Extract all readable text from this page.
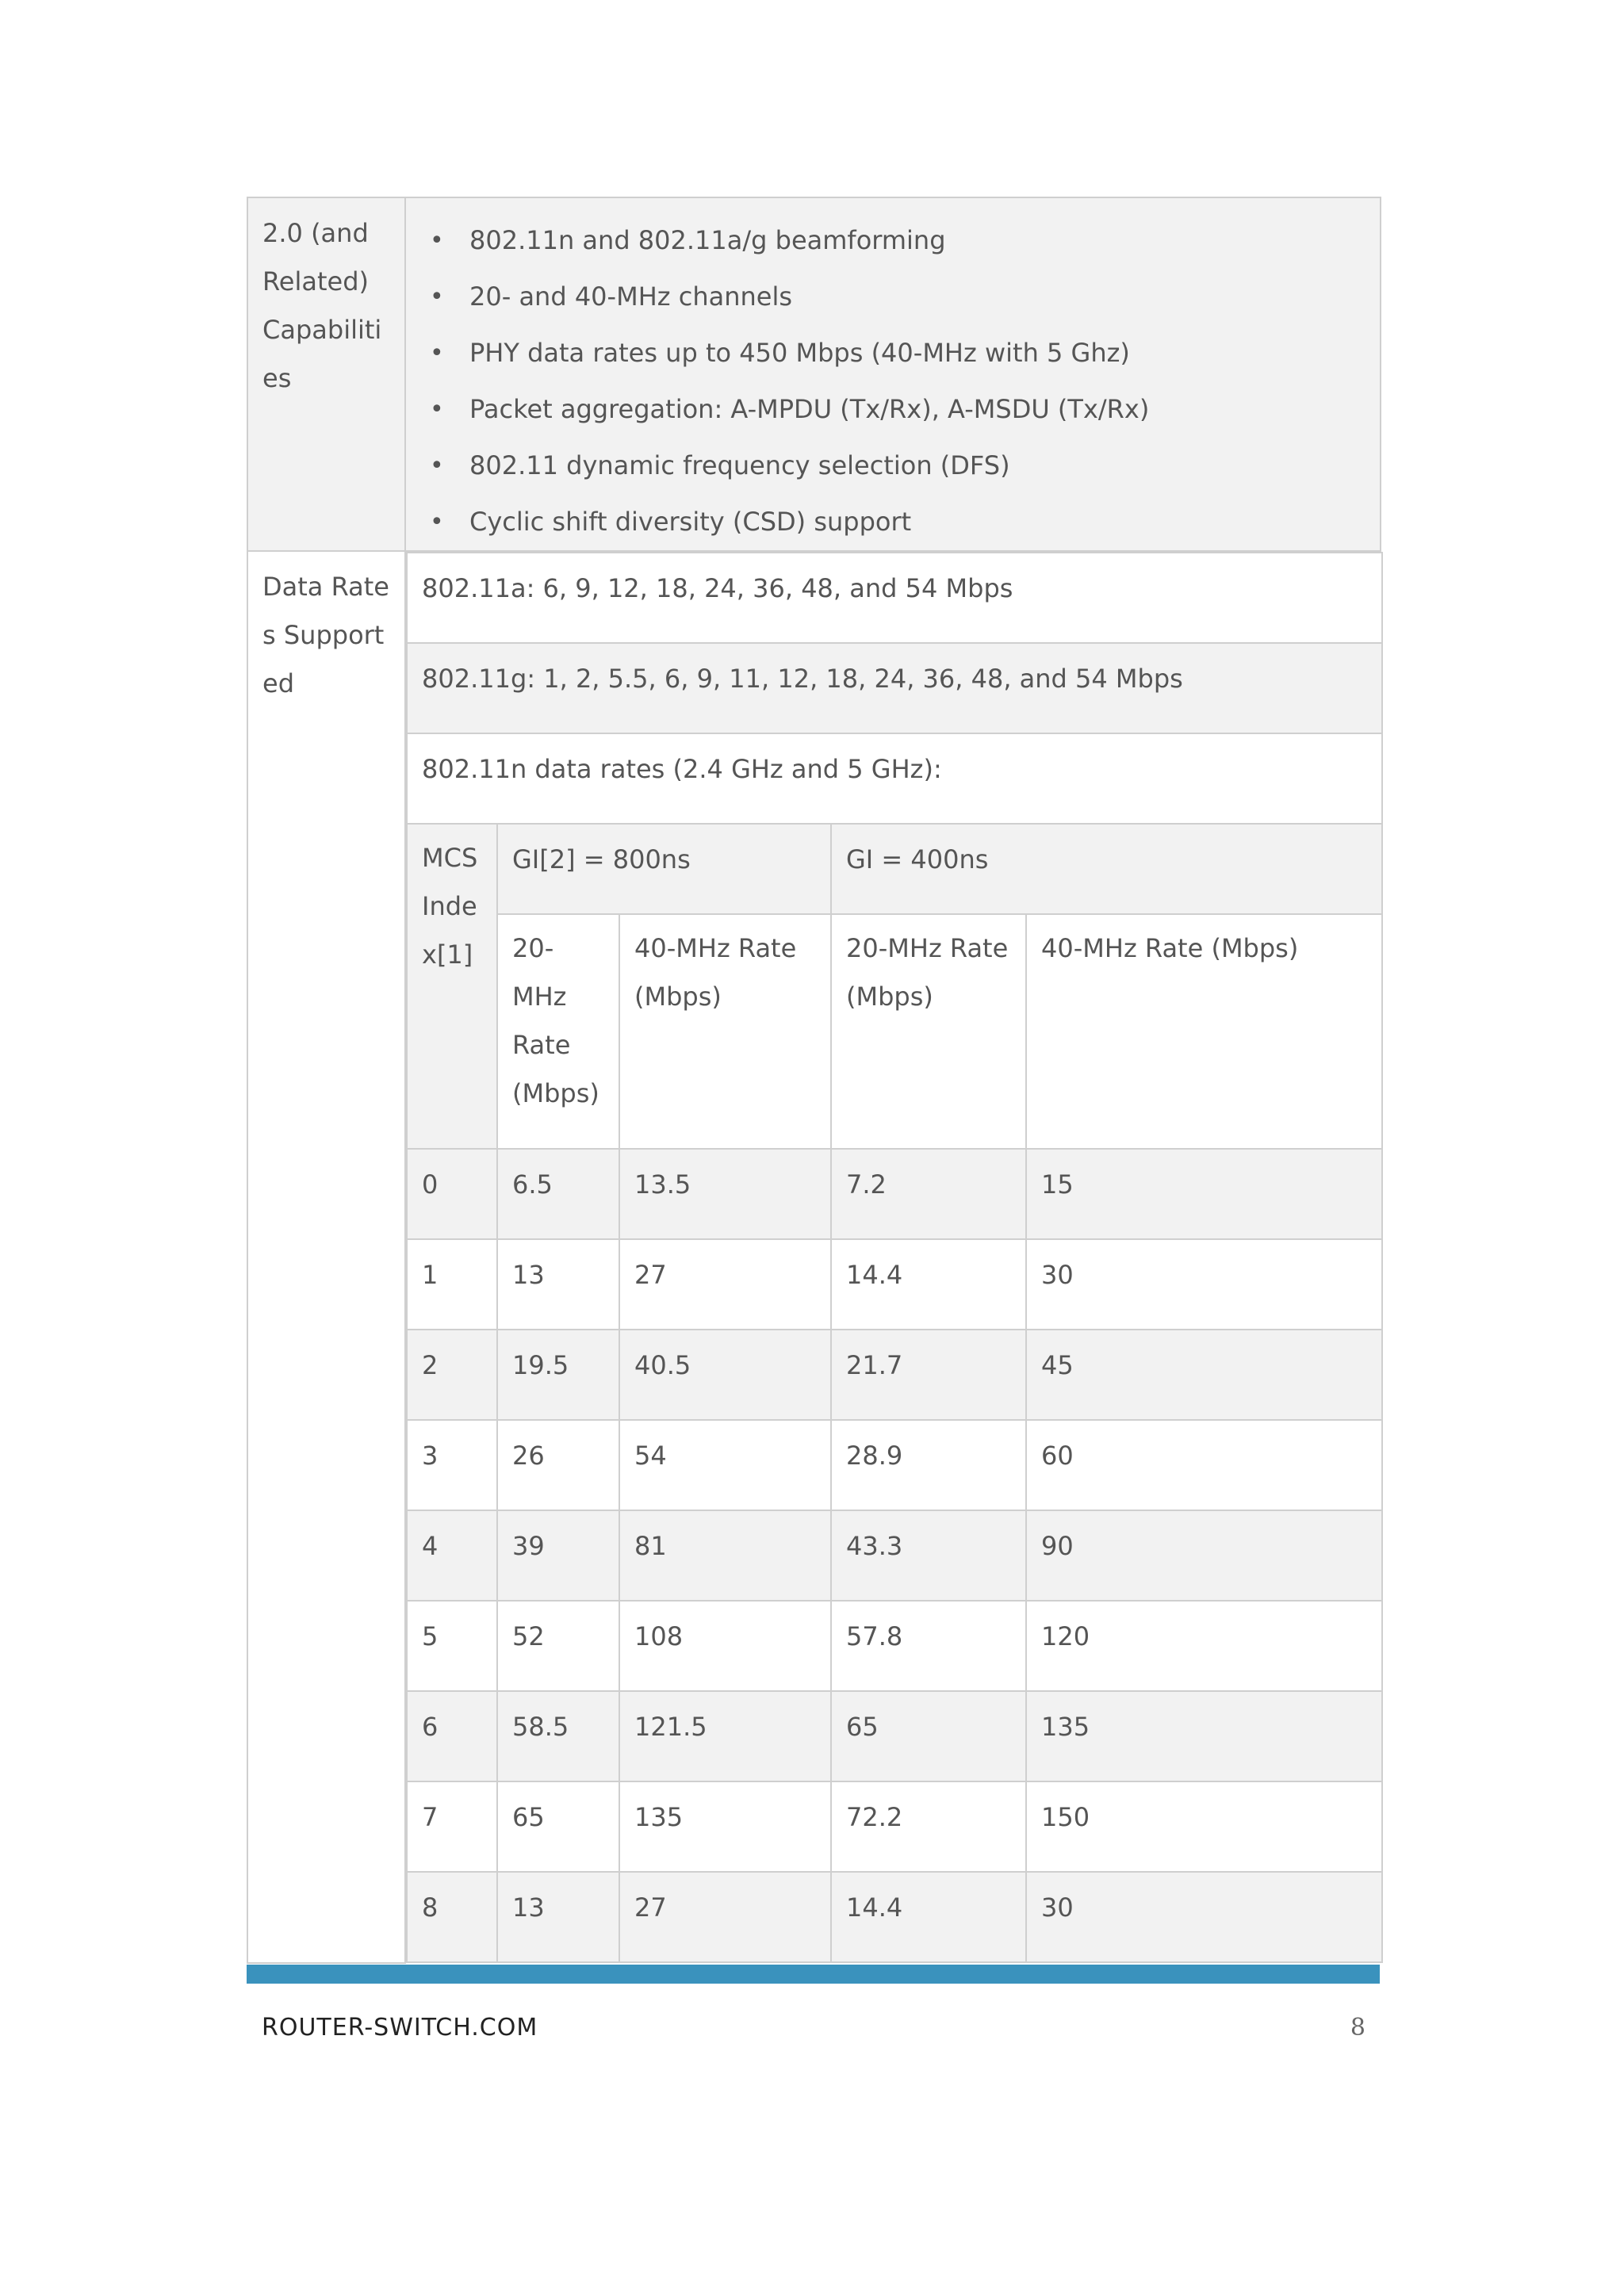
2.0 (and Related) Capabilities	
• 802.11n and 802.11a/g beamforming
• 20- and 40-MHz channels
• PHY data rates up to 450 Mbps (40-MHz with 5 Ghz)
• Packet aggregation: A-MPDU (Tx/Rx), A-MSDU (Tx/Rx)
• 802.11 dynamic frequency selection (DFS)
• Cyclic shift diversity (CSD) support

Data Rates Supported	
802.11a: 6, 9, 12, 18, 24, 36, 48, and 54 Mbps
802.11g: 1, 2, 5.5, 6, 9, 11, 12, 18, 24, 36, 48, and 54 Mbps
802.11n data rates (2.4 GHz and 5 GHz):
MCS Index[1]	GI[2] = 800ns	GI = 400ns
20-MHz Rate (Mbps)	40-MHz Rate (Mbps)	20-MHz Rate (Mbps)	40-MHz Rate (Mbps)
0	6.5	13.5	7.2	15
1	13	27	14.4	30
2	19.5	40.5	21.7	45
3	26	54	28.9	60
4	39	81	43.3	90
5	52	108	57.8	120
6	58.5	121.5	65	135
7	65	135	72.2	150
8	13	27	14.4	30
ROUTER-SWITCH.COM	8
